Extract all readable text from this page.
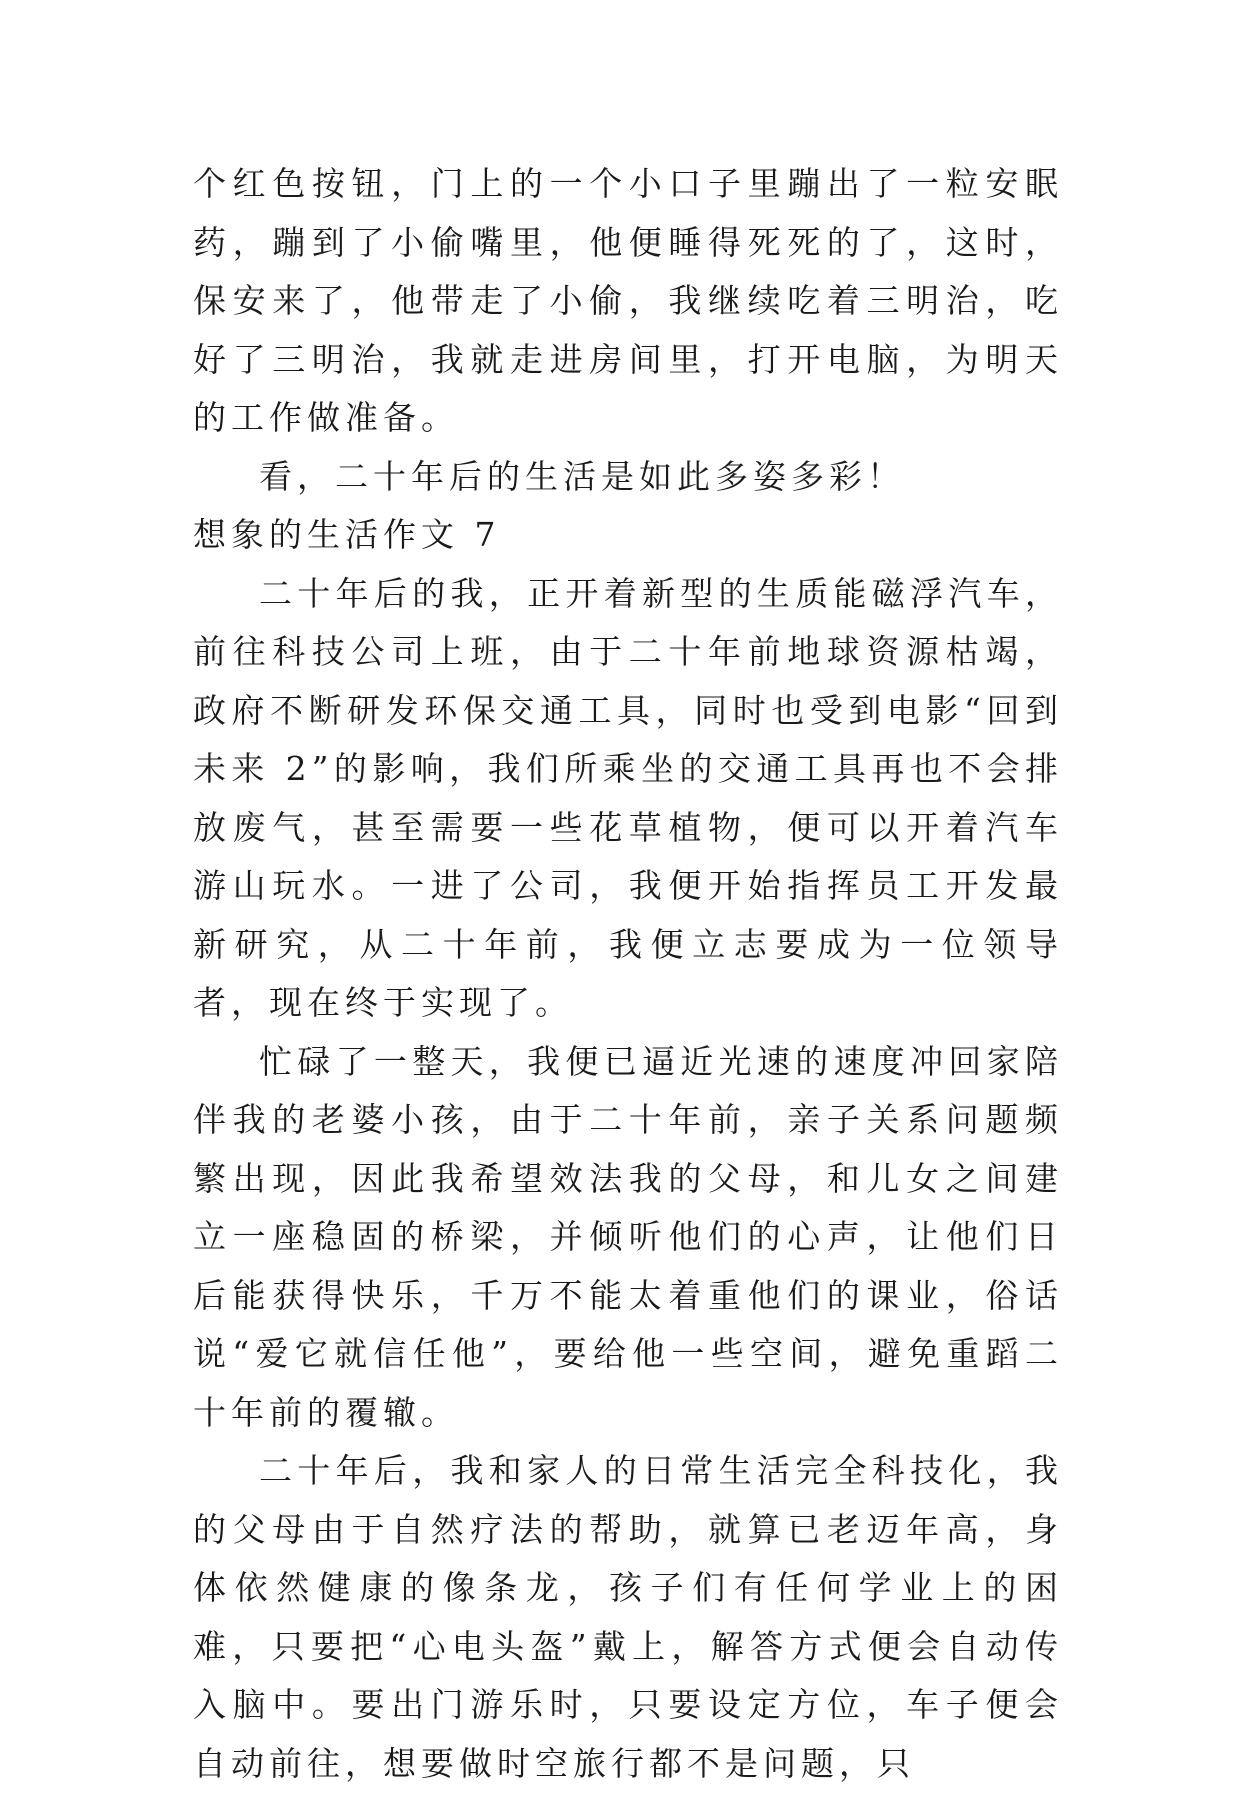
个红色按钮，门上的一个小口子里蹦出了一粒安眠药，蹦到了小偷嘴里，他便睡得死死的了，这时，保安来了，他带走了小偷，我继续吃着三明治，吃好了三明治，我就走进房间里，打开电脑，为明天的工作做准备。

看，二十年后的生活是如此多姿多彩！

想象的生活作文 7

二十年后的我，正开着新型的生质能磁浮汽车，前往科技公司上班，由于二十年前地球资源枯竭，政府不断研发环保交通工具，同时也受到电影“回到未来 2”的影响，我们所乘坐的交通工具再也不会排放废气，甚至需要一些花草植物，便可以开着汽车游山玩水。一进了公司，我便开始指挥员工开发最新研究，从二十年前，我便立志要成为一位领导者，现在终于实现了。

忙碌了一整天，我便已逼近光速的速度冲回家陪伴我的老婆小孩，由于二十年前，亲子关系问题频繁出现，因此我希望效法我的父母，和儿女之间建立一座稳固的桥梁，并倾听他们的心声，让他们日后能获得快乐，千万不能太着重他们的课业，俗话说“爱它就信任他”，要给他一些空间，避免重蹈二十年前的覆辙。

二十年后，我和家人的日常生活完全科技化，我的父母由于自然疗法的帮助，就算已老迈年高，身体依然健康的像条龙，孩子们有任何学业上的困难，只要把“心电头盔”戴上，解答方式便会自动传入脑中。要出门游乐时，只要设定方位，车子便会自动前往，想要做时空旅行都不是问题，只
